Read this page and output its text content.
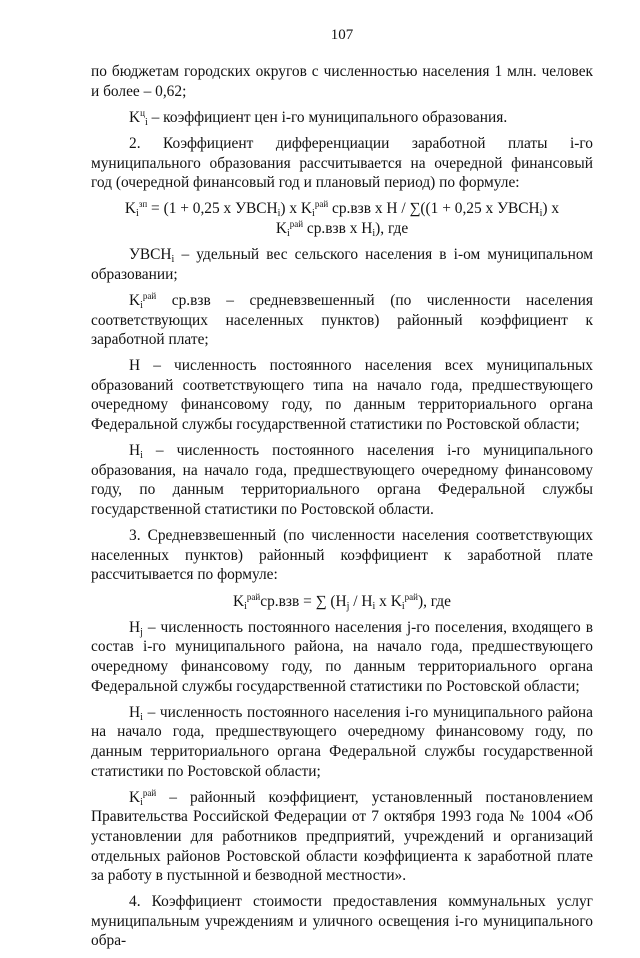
107

по бюджетам городских округов с численностью населения 1 млн. человек и более – 0,62;

$K^ц_i$ – коэффициент цен i-го муниципального образования.

2. Коэффициент дифференциации заработной платы i-го муниципального образования рассчитывается на очередной финансовый год (очередной финансовый год и плановый период) по формуле:

$K_i^{зп} = (1 + 0,25$ х $УВСН_i$) х $K_i^{рай}$ ср.взв х Н / ∑((1 + 0,25 х $УВСН_i$) х

$K_i^{рай}$ ср.взв х $Н_i$), где

$УВСН_i$ – удельный вес сельского населения в i-ом муниципальном образовании;

$K_i^{рай}$ ср.взв – средневзвешенный (по численности населения соответствующих населенных пунктов) районный коэффициент к заработной плате;

Н – численность постоянного населения всех муниципальных образований соответствующего типа на начало года, предшествующего очередному финансовому году, по данным территориального органа Федеральной службы государственной статистики по Ростовской области;

$Н_i$ – численность постоянного населения i-го муниципального образования, на начало года, предшествующего очередному финансовому году, по данным территориального органа Федеральной службы государственной статистики по Ростовской области.

3. Средневзвешенный (по численности населения соответствующих населенных пунктов) районный коэффициент к заработной плате рассчитывается по формуле:

$K_i^{рай}ср.взв$ = ∑ ($Н_j / Н_i$ х $K_i^{рай}$), где

$Н_j$ – численность постоянного населения j-го поселения, входящего в состав i-го муниципального района, на начало года, предшествующего очередному финансовому году, по данным территориального органа Федеральной службы государственной статистики по Ростовской области;

$Н_i$ – численность постоянного населения i-го муниципального района на начало года, предшествующего очередному финансовому году, по данным территориального органа Федеральной службы государственной статистики по Ростовской области;

$K_i^{рай}$ – районный коэффициент, установленный постановлением Правительства Российской Федерации от 7 октября 1993 года № 1004 «Об установлении для работников предприятий, учреждений и организаций отдельных районов Ростовской области коэффициента к заработной плате за работу в пустынной и безводной местности».

4. Коэффициент стоимости предоставления коммунальных услуг муниципальным учреждениям и уличного освещения i-го муниципального обра-
